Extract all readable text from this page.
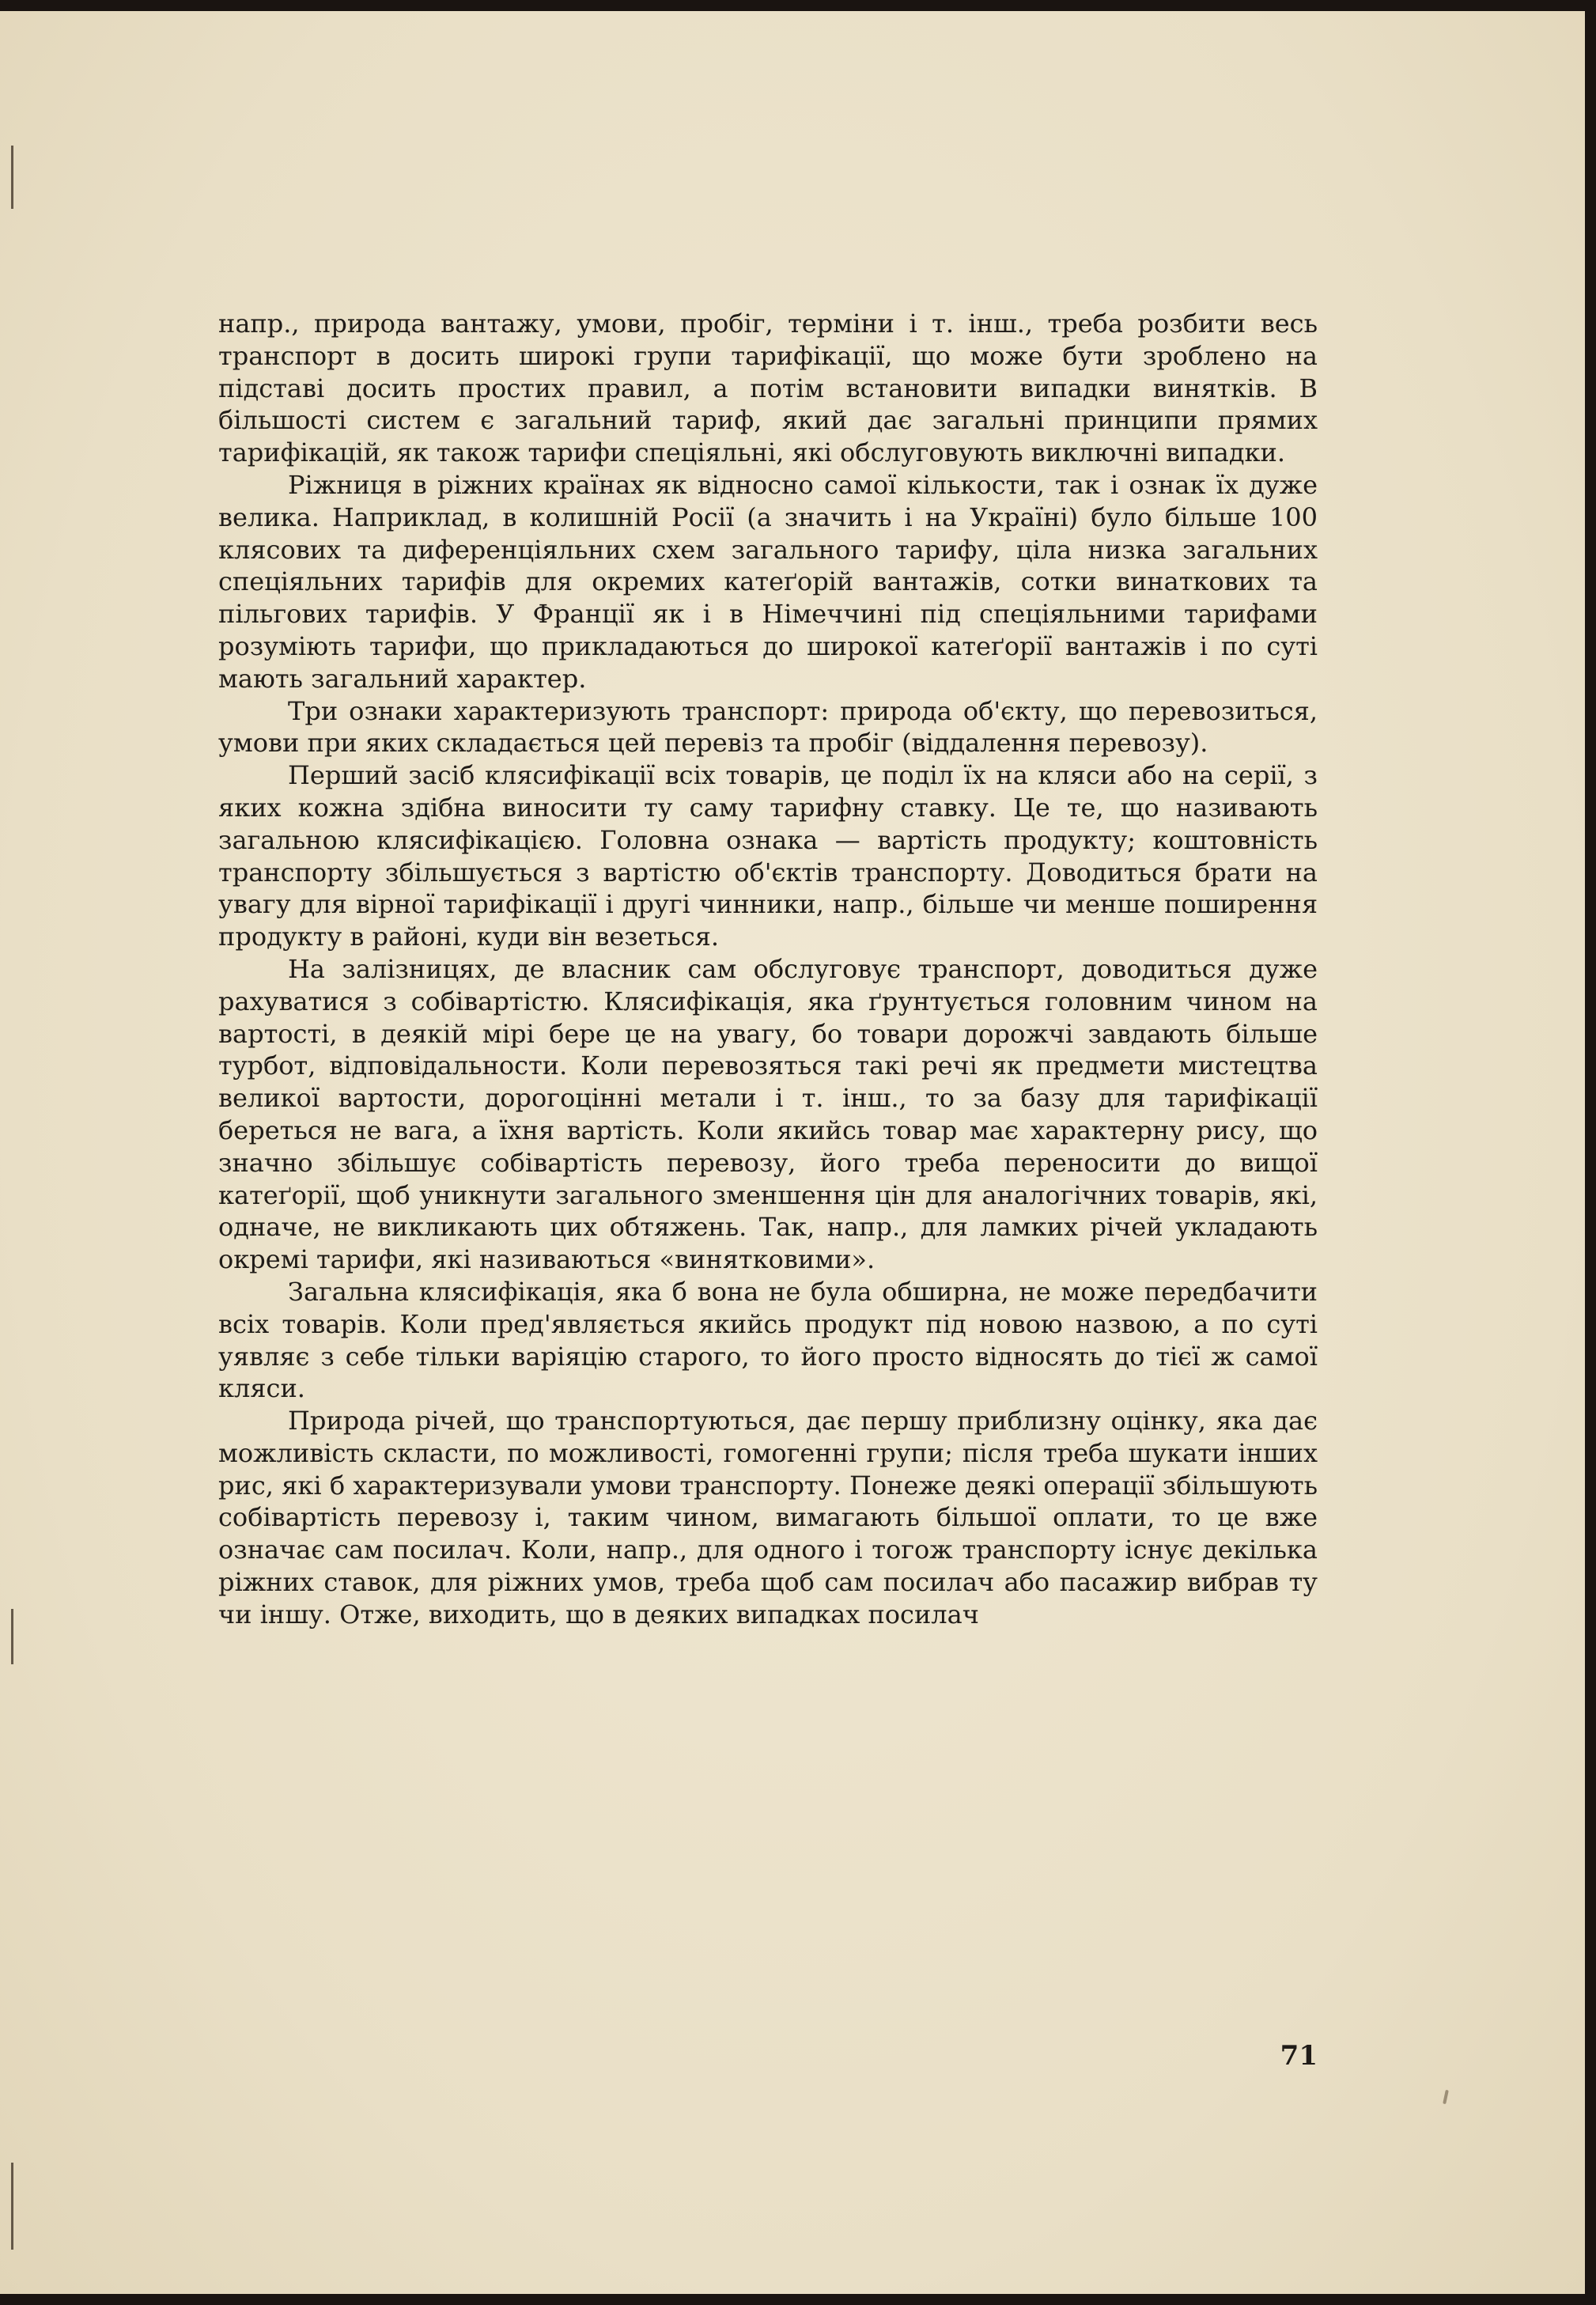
напр., природа вантажу, умови, пробіг, терміни і т. інш., треба розбити весь транспорт в досить широкі групи тарифікації, що може бути зроблено на підставі досить простих правил, а потім встановити випадки винятків. В більшості систем є загальний тариф, який дає загальні принципи прямих тарифікацій, як також тарифи спеціяльні, які обслуговують виключні випадки.

Ріжниця в ріжних країнах як відносно самої кількости, так і ознак їх дуже велика. Наприклад, в колишній Росії (а значить і на Україні) було більше 100 клясових та диференціяльних схем загального тарифу, ціла низка загальних спеціяльних тарифів для окремих катеґорій вантажів, сотки винаткових та пільгових тарифів. У Франції як і в Німеччині під спеціяльними тарифами розуміють тарифи, що прикладаються до широкої катеґорії вантажів і по суті мають загальний характер.

Три ознаки характеризують транспорт: природа об'єкту, що перевозиться, умови при яких складається цей перевіз та пробіг (віддалення перевозу).

Перший засіб клясифікації всіх товарів, це поділ їх на кляси або на серії, з яких кожна здібна виносити ту саму тарифну ставку. Це те, що називають загальною клясифікацією. Головна ознака — вартість продукту; коштовність транспорту збільшується з вартістю об'єктів транспорту. Доводиться брати на увагу для вірної тарифікації і другі чинники, напр., більше чи менше поширення продукту в районі, куди він везеться.

На залізницях, де власник сам обслуговує транспорт, доводиться дуже рахуватися з собівартістю. Клясифікація, яка ґрунтується головним чином на вартості, в деякій мірі бере це на увагу, бо товари дорожчі завдають більше турбот, відповідальности. Коли перевозяться такі речі як предмети мистецтва великої вартости, дорогоцінні метали і т. інш., то за базу для тарифікації береться не вага, а їхня вартість. Коли якийсь товар має характерну рису, що значно збільшує собівартість перевозу, його треба переносити до вищої катеґорії, щоб уникнути загального зменшення цін для аналогічних товарів, які, одначе, не викликають цих обтяжень. Так, напр., для ламких річей укладають окремі тарифи, які називаються «винятковими».

Загальна клясифікація, яка б вона не була обширна, не може передбачити всіх товарів. Коли пред'являється якийсь продукт під новою назвою, а по суті уявляє з себе тільки варіяцію старого, то його просто відносять до тієї ж самої кляси.

Природа річей, що транспортуються, дає першу приблизну оцінку, яка дає можливість скласти, по можливості, гомогенні групи; після треба шукати інших рис, які б характеризували умови транспорту. Понеже деякі операції збільшують собівартість перевозу і, таким чином, вимагають більшої оплати, то це вже означає сам посилач. Коли, напр., для одного і тогож транспорту існує декілька ріжних ставок, для ріжних умов, треба щоб сам посилач або пасажир вибрав ту чи іншу. Отже, виходить, що в деяких випадках посилач

71
